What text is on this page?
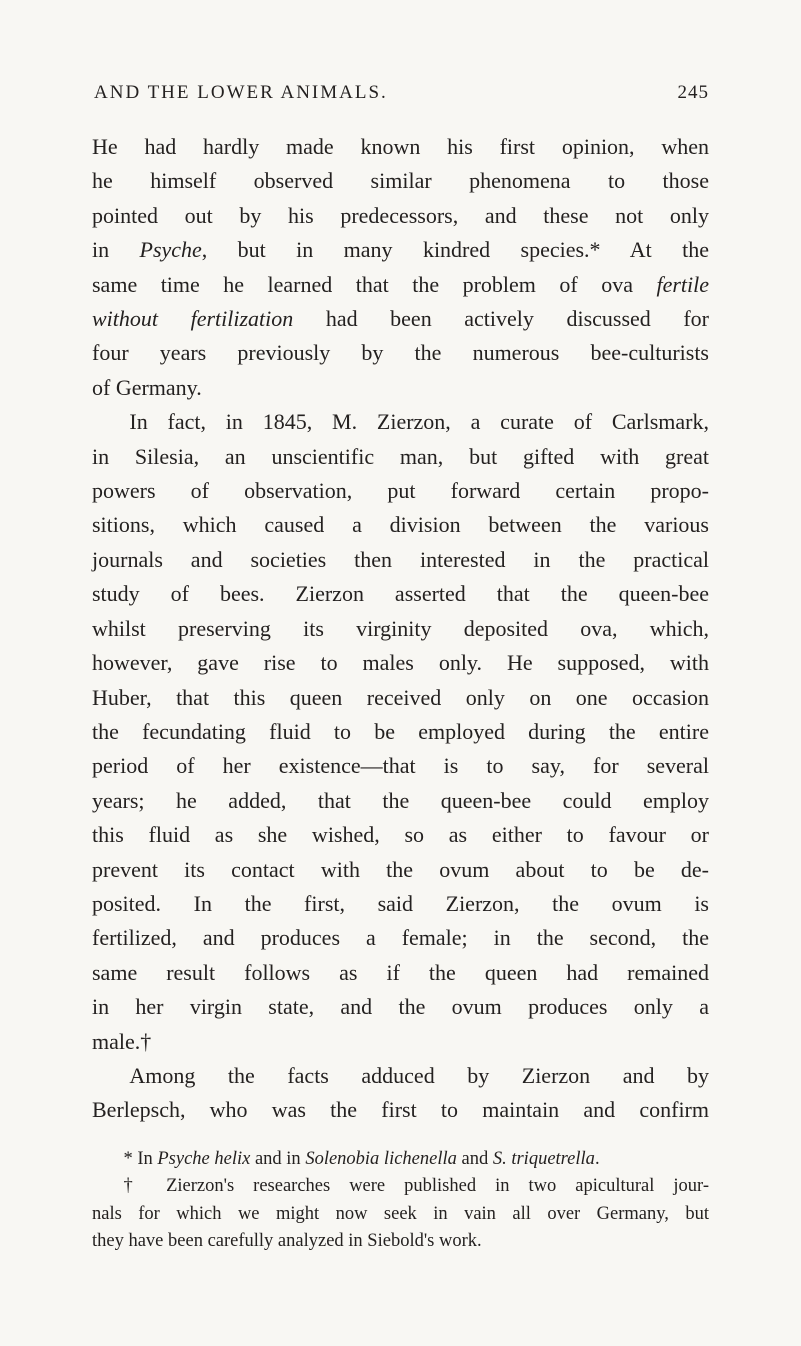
AND THE LOWER ANIMALS.	245
He had hardly made known his first opinion, when
he himself observed similar phenomena to those
pointed out by his predecessors, and these not only
in Psyche, but in many kindred species.* At the
same time he learned that the problem of ova fertile
without fertilization had been actively discussed for
four years previously by the numerous bee-culturists
of Germany.
In fact, in 1845, M. Zierzon, a curate of Carlsmark,
in Silesia, an unscientific man, but gifted with great
powers of observation, put forward certain propo-
sitions, which caused a division between the various
journals and societies then interested in the practical
study of bees. Zierzon asserted that the queen-bee
whilst preserving its virginity deposited ova, which,
however, gave rise to males only. He supposed, with
Huber, that this queen received only on one occasion
the fecundating fluid to be employed during the entire
period of her existence—that is to say, for several
years; he added, that the queen-bee could employ
this fluid as she wished, so as either to favour or
prevent its contact with the ovum about to be de-
posited. In the first, said Zierzon, the ovum is
fertilized, and produces a female; in the second, the
same result follows as if the queen had remained
in her virgin state, and the ovum produces only a
male.†
Among the facts adduced by Zierzon and by
Berlepsch, who was the first to maintain and confirm
* In Psyche helix and in Solenobia lichenella and S. triquetrella.
† Zierzon's researches were published in two apicultural jour-
nals for which we might now seek in vain all over Germany, but
they have been carefully analyzed in Siebold's work.
